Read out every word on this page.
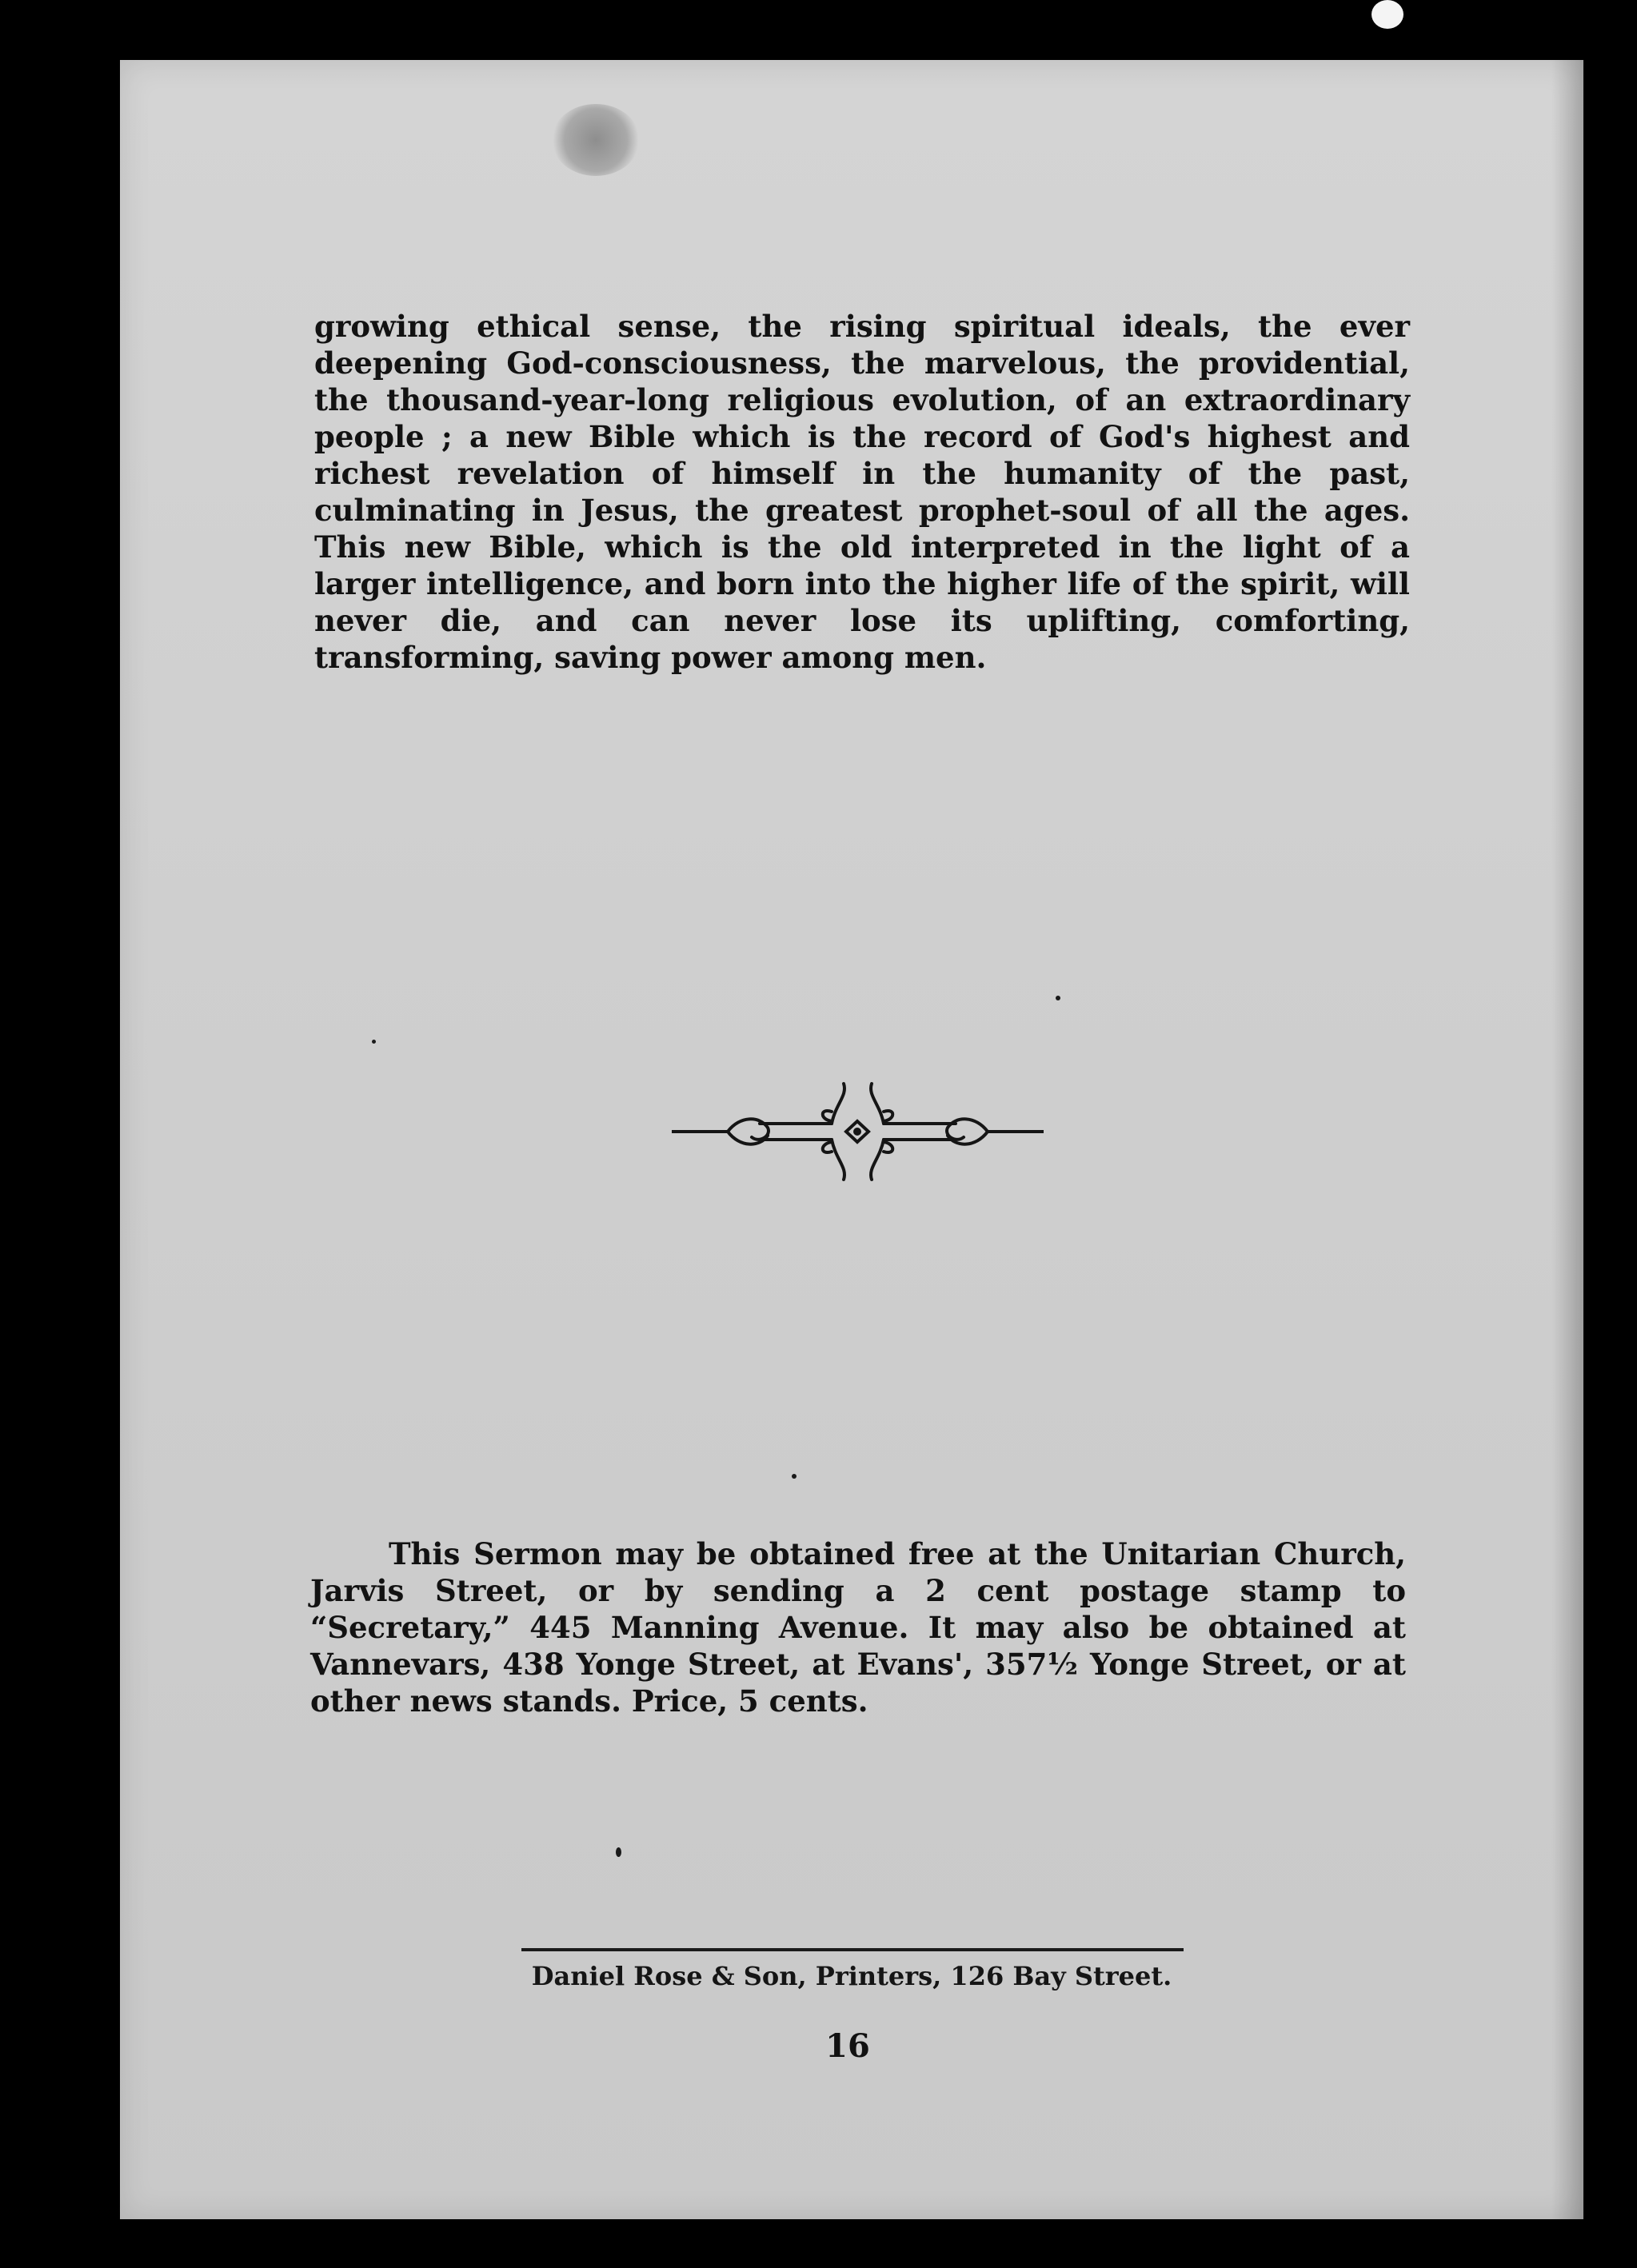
growing ethical sense, the rising spiritual ideals, the ever deepening God-consciousness, the marvelous, the providential, the thousand-year-long religious evolution, of an extraordinary people ; a new Bible which is the record of God's highest and richest revelation of himself in the humanity of the past, culminating in Jesus, the greatest prophet-soul of all the ages. This new Bible, which is the old interpreted in the light of a larger intelligence, and born into the higher life of the spirit, will never die, and can never lose its uplifting, comforting, transforming, saving power among men.

This Sermon may be obtained free at the Unitarian Church, Jarvis Street, or by sending a 2 cent postage stamp to “Secretary,” 445 Manning Avenue. It may also be obtained at Vannevars, 438 Yonge Street, at Evans', 357½ Yonge Street, or at other news stands. Price, 5 cents.

Daniel Rose & Son, Printers, 126 Bay Street.

16
